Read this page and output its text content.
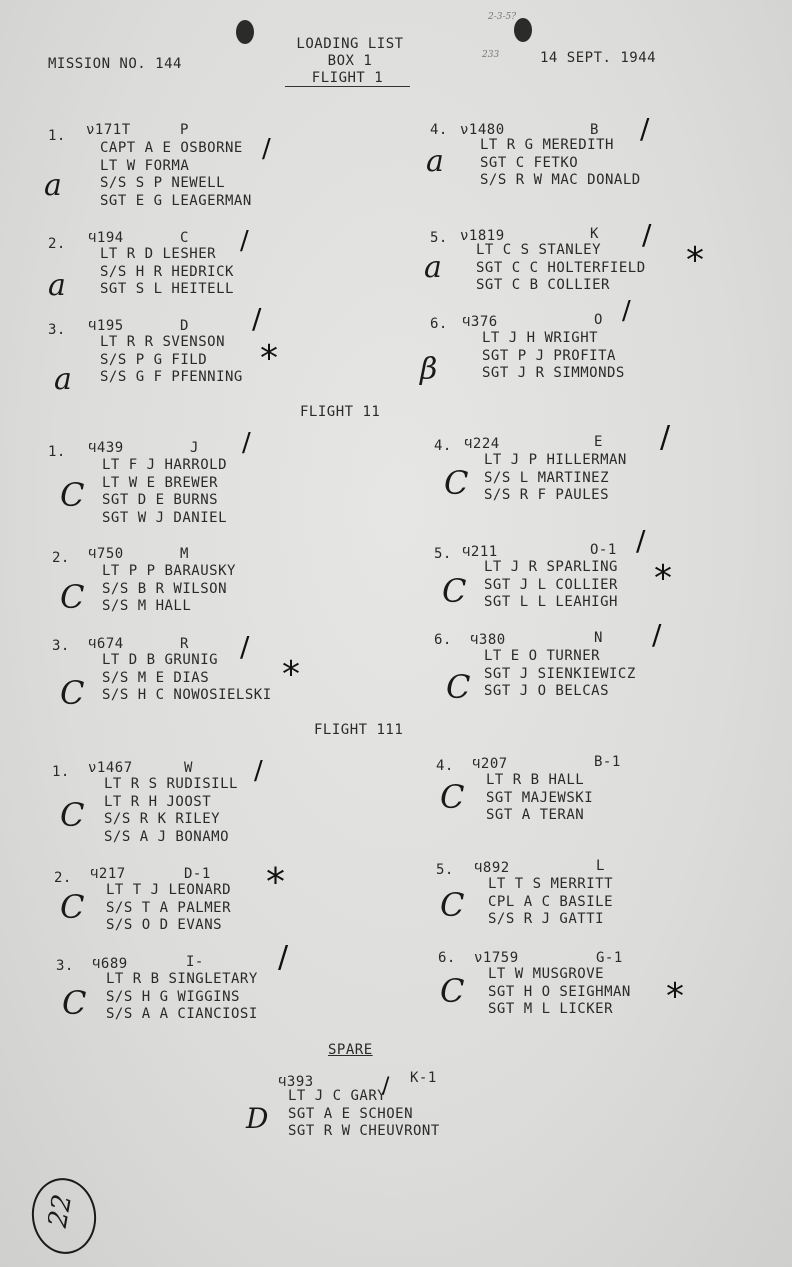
MISSION NO. 144
LOADING LIST
BOX 1
FLIGHT 1
14 SEPT. 1944
2-3-5?
233
1. ν171T	P
CAPT A E OSBORNE
LT W FORMA
S/S S P NEWELL
SGT E G LEAGERMAN
a
2. ϥ194	C
LT R D LESHER
S/S H R HEDRICK
SGT S L HEITELL
a
3. ϥ195	D
LT R R SVENSON
S/S P G FILD
S/S G F PFENNING
a
4. ν1480	B
LT R G MEREDITH
SGT C FETKO
S/S R W MAC DONALD
a
5. ν1819	K
LT C S STANLEY
SGT C C HOLTERFIELD
SGT C B COLLIER
a
6. ϥ376	O
LT J H WRIGHT
SGT P J PROFITA
SGT J R SIMMONDS
β
FLIGHT 11
1. ϥ439	J
LT F J HARROLD
LT W E BREWER
SGT D E BURNS
SGT W J DANIEL
C
2. ϥ750	M
LT P P BARAUSKY
S/S B R WILSON
S/S M HALL
C
3. ϥ674	R
LT D B GRUNIG
S/S M E DIAS
S/S H C NOWOSIELSKI
C
4. ϥ224	E
LT J P HILLERMAN
S/S L MARTINEZ
S/S R F PAULES
C
5. ϥ211	O-1
LT J R SPARLING
SGT J L COLLIER
SGT L L LEAHIGH
C
6. ϥ380	N
LT E O TURNER
SGT J SIENKIEWICZ
SGT J O BELCAS
C
FLIGHT 111
1. ν1467	W
LT R S RUDISILL
LT R H JOOST
S/S R K RILEY
S/S A J BONAMO
C
2. ϥ217	D-1
LT T J LEONARD
S/S T A PALMER
S/S O D EVANS
C
3. ϥ689	I-
LT R B SINGLETARY
S/S H G WIGGINS
S/S A A CIANCIOSI
C
4. ϥ207	B-1
LT R B HALL
SGT MAJEWSKI
SGT A TERAN
C
5. ϥ892	L
LT T S MERRITT
CPL A C BASILE
S/S R J GATTI
C
6. ν1759	G-1
LT W MUSGROVE
SGT H O SEIGHMAN
SGT M L LICKER
C
SPARE
ϥ393	K-1
LT J C GARY
SGT A E SCHOEN
SGT R W CHEUVRONT
D
/
/
/
/
/
/
/	/
/
/	/
/
/
/
*
*
*
*
*
*
22
